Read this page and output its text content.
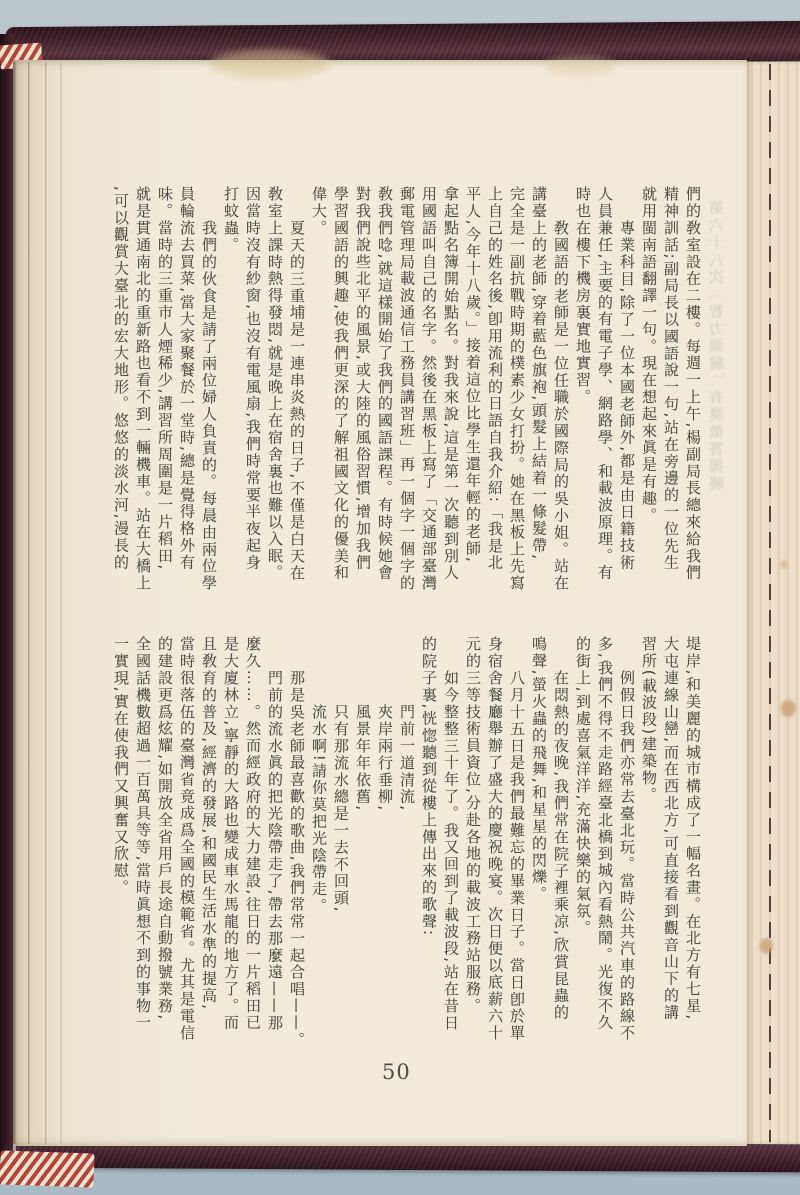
第六十八次「智力測驗」有獎徵答揭曉
們的敎室設在二樓。每週一上午,楊副局長總來給我們
精神訓話;副局長以國語說一句,站在旁邊的一位先生
就用閩南語翻譯一句。現在想起來眞是有趣。
專業科目,除了一位本國老師外,都是由日籍技術
人員兼任,主要的有電子學、網路學、和載波原理。有
時也在樓下機房裏實地實習。
敎國語的老師是一位任職於國際局的吳小姐。站在
講臺上的老師,穿着藍色旗袍,頭髮上結着一條髮帶,
完全是一副抗戰時期的樸素少女打扮。她在黑板上先寫
上自己的姓名後,卽用流利的日語自我介紹:「我是北
平人,今年十八歲。」接着這位比學生還年輕的老師,
拿起點名簿開始點名。對我來說,這是第一次聽到別人
用國語叫自己的名字。然後在黑板上寫了「交通部臺灣
郵電管理局載波通信工務員講習班」再一個字一個字的
敎我們唸,就這樣開始了我們的國語課程。有時候她會
對我們說些北平的風景,或大陸的風俗習慣,增加我們
學習國語的興趣,使我們更深的了解祖國文化的優美和
偉大。
夏天的三重埔是一連串炎熱的日子,不僅是白天在
敎室上課時熱得發悶,就是晚上在宿舍裏也難以入眠。
因當時沒有紗窗,也沒有電風扇,我們時常要半夜起身
打蚊蟲。
我們的伙食是請了兩位婦人負責的。每晨由兩位學
員輪流去買菜,當大家聚餐於一堂時,總是覺得格外有
味。當時的三重市人煙稀少,講習所周圍是一片稻田,
就是貫通南北的重新路也看不到一輛機車。站在大橋上
,可以觀賞大臺北的宏大地形。悠悠的淡水河,漫長的
堤岸,和美麗的城市構成了一幅名畫。在北方有七星,
大屯連線山巒,而在西北方,可直接看到觀音山下的講
習所(載波段)建築物。
例假日我們亦常去臺北玩。當時公共汽車的路線不
多,我們不得不走路經臺北橋到城內看熱鬧。光復不久
的街上,到處喜氣洋洋,充滿快樂的氣氛。
在悶熱的夜晚,我們常在院子裡乘凉,欣賞昆蟲的
鳴聲,螢火蟲的飛舞,和星星的閃爍。
八月十五日是我們最難忘的畢業日子。當日卽於單
身宿舍餐廳舉辦了盛大的慶祝晚宴。次日便以底薪六十
元的三等技術員資位,分赴各地的載波工務站服務。
如今整整三十年了。我又回到了載波段,站在昔日
的院子裏,恍惚聽到從樓上傳出來的歌聲:
門前一道清流,
夾岸兩行垂柳,
風景年年依舊,
只有那流水總是一去不回頭,
流水啊!請你莫把光陰帶走。
那是吳老師最喜歡的歌曲,我們常常一起合唱——。
門前的流水眞的把光陰帶走了,帶去那麼遠——那
麼久……。然而經政府的大力建設,往日的一片稻田已
是大廈林立,寧靜的大路也變成車水馬龍的地方了。而
且敎育的普及,經濟的發展,和國民生活水準的提高,
當時很落伍的臺灣省竟成爲全國的模範省。尤其是電信
的建設更爲炫耀,如開放全省用戶長途自動撥號業務,
全國話機數超過一百萬具等等,當時眞想不到的事物一
一實現,實在使我們又興奮又欣慰。
50
